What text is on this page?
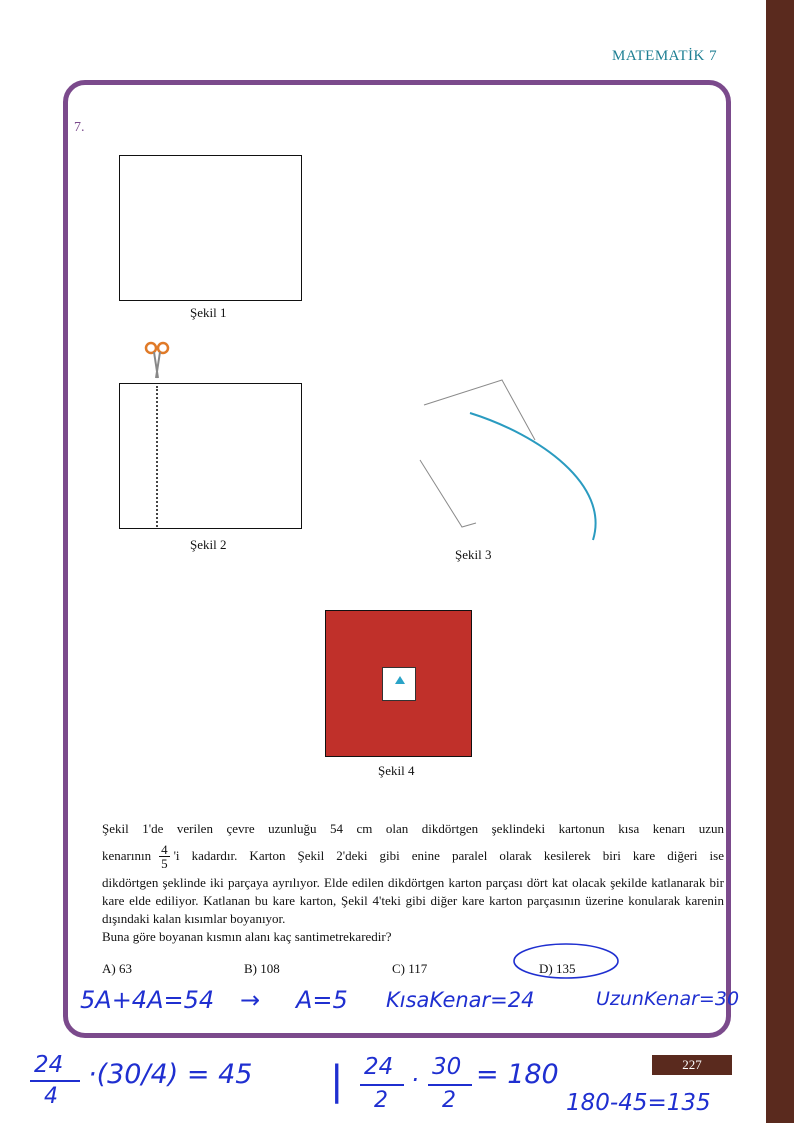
MATEMATİK 7
7.
Şekil 1
Şekil 2
Şekil 3
Şekil 4

Şekil 1'de verilen çevre uzunluğu 54 cm olan dikdörtgen şeklindeki kartonun kısa kenarı uzun

kenarının $\frac{4}{5}$ 'i kadardır. Karton Şekil 2'deki gibi enine paralel olarak kesilerek biri kare diğeri ise

dikdörtgen şeklinde iki parçaya ayrılıyor. Elde edilen dikdörtgen karton parçası dört kat olacak şekilde katlanarak bir kare elde ediliyor. Katlanan bu kare karton, Şekil 4'teki gibi diğer kare karton parçasının üzerine konularak karenin dışındaki kalan kısımlar boyanıyor.

Buna göre boyanan kısmın alanı kaç santimetrekaredir?

A) 63	B) 108	C) 117	D) 135
5A+4A=54 → A=5 KısaKenar=24	UzunKenar=30
24
4
·(30/4) = 45 | 24
2
· 30
2
= 180
180-45=135
227
